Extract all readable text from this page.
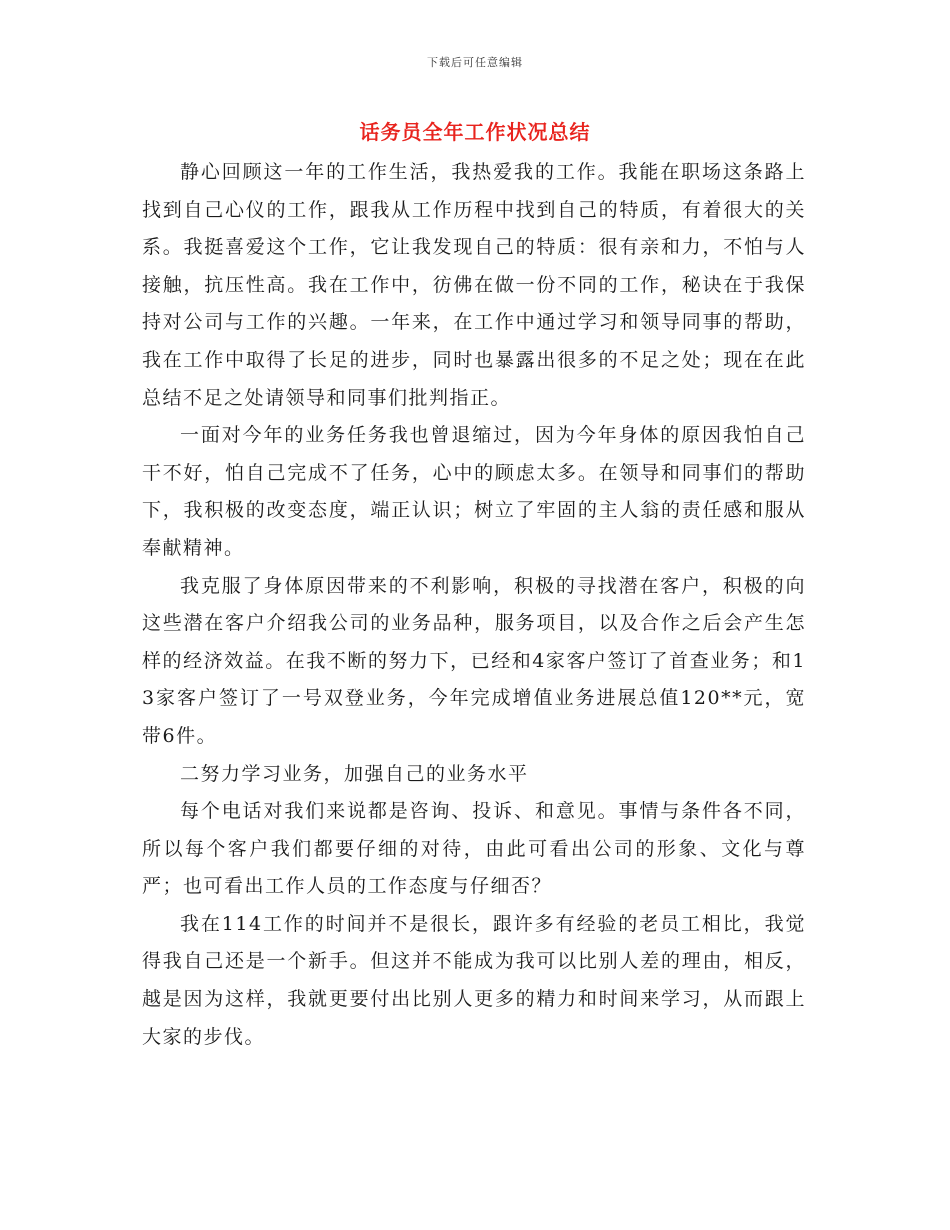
下载后可任意编辑
话务员全年工作状况总结

静心回顾这一年的工作生活，我热爱我的工作。我能在职场这条路上找到自己心仪的工作，跟我从工作历程中找到自己的特质，有着很大的关系。我挺喜爱这个工作，它让我发现自己的特质：很有亲和力，不怕与人接触，抗压性高。我在工作中，彷佛在做一份不同的工作，秘诀在于我保持对公司与工作的兴趣。一年来，在工作中通过学习和领导同事的帮助，我在工作中取得了长足的进步，同时也暴露出很多的不足之处；现在在此总结不足之处请领导和同事们批判指正。

一面对今年的业务任务我也曾退缩过，因为今年身体的原因我怕自己干不好，怕自己完成不了任务，心中的顾虑太多。在领导和同事们的帮助下，我积极的改变态度，端正认识；树立了牢固的主人翁的责任感和服从奉献精神。

我克服了身体原因带来的不利影响，积极的寻找潜在客户，积极的向这些潜在客户介绍我公司的业务品种，服务项目，以及合作之后会产生怎样的经济效益。在我不断的努力下，已经和4家客户签订了首查业务；和13家客户签订了一号双登业务，今年完成增值业务进展总值120**元，宽带6件。

二努力学习业务，加强自己的业务水平

每个电话对我们来说都是咨询、投诉、和意见。事情与条件各不同，所以每个客户我们都要仔细的对待，由此可看出公司的形象、文化与尊严；也可看出工作人员的工作态度与仔细否？

我在114工作的时间并不是很长，跟许多有经验的老员工相比，我觉得我自己还是一个新手。但这并不能成为我可以比别人差的理由，相反，越是因为这样，我就更要付出比别人更多的精力和时间来学习，从而跟上大家的步伐。
